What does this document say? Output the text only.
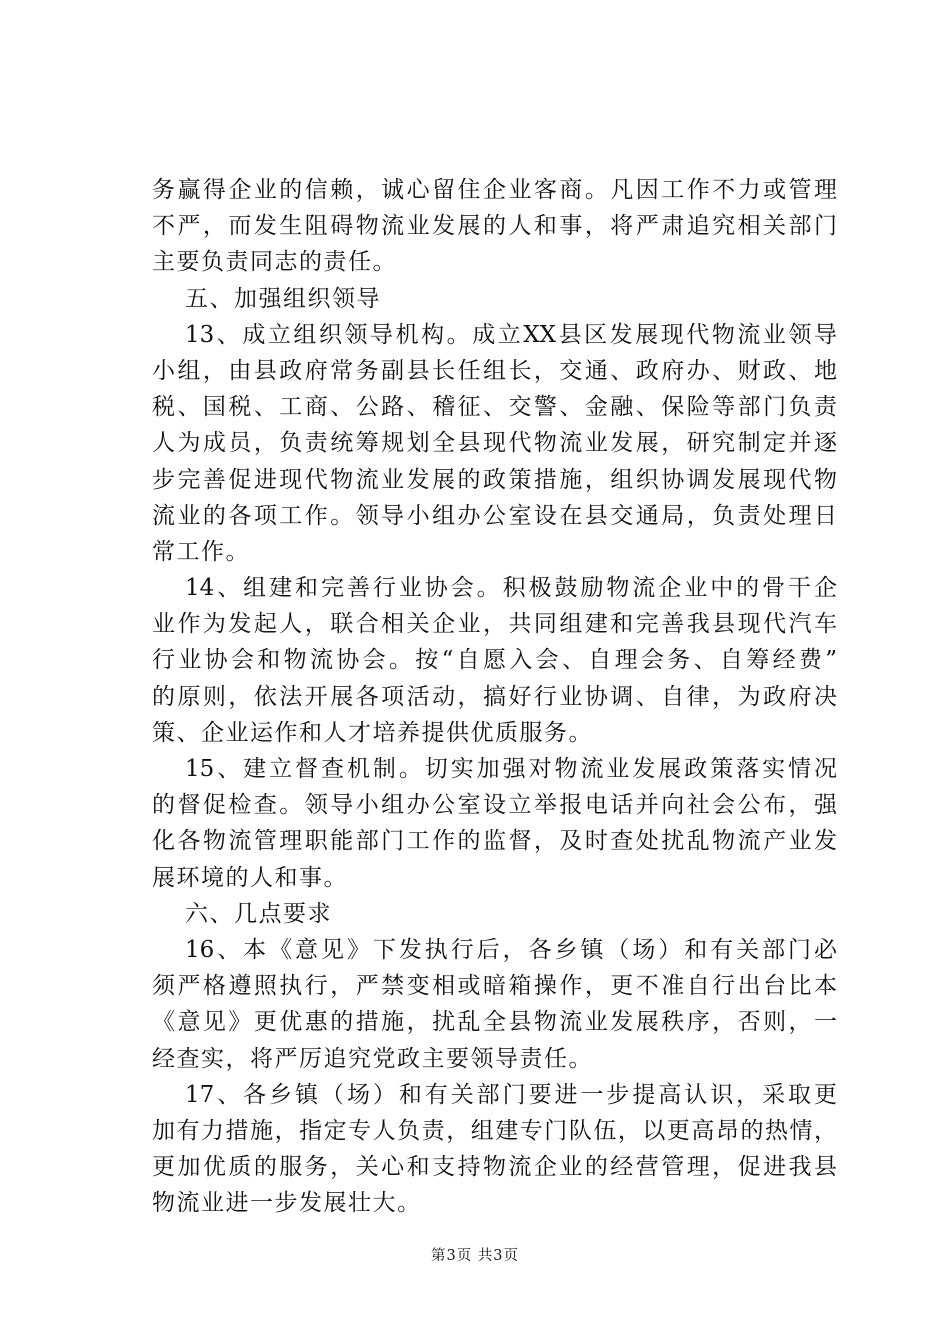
务赢得企业的信赖，诚心留住企业客商。凡因工作不力或管理
不严，而发生阻碍物流业发展的人和事，将严肃追究相关部门
主要负责同志的责任。
五、加强组织领导
13、成立组织领导机构。成立XX县区发展现代物流业领导
小组，由县政府常务副县长任组长，交通、政府办、财政、地
税、国税、工商、公路、稽征、交警、金融、保险等部门负责
人为成员，负责统筹规划全县现代物流业发展，研究制定并逐
步完善促进现代物流业发展的政策措施，组织协调发展现代物
流业的各项工作。领导小组办公室设在县交通局，负责处理日
常工作。
14、组建和完善行业协会。积极鼓励物流企业中的骨干企
业作为发起人，联合相关企业，共同组建和完善我县现代汽车
行业协会和物流协会。按“自愿入会、自理会务、自筹经费”
的原则，依法开展各项活动，搞好行业协调、自律，为政府决
策、企业运作和人才培养提供优质服务。
15、建立督查机制。切实加强对物流业发展政策落实情况
的督促检查。领导小组办公室设立举报电话并向社会公布，强
化各物流管理职能部门工作的监督，及时查处扰乱物流产业发
展环境的人和事。
六、几点要求
16、本《意见》下发执行后，各乡镇（场）和有关部门必
须严格遵照执行，严禁变相或暗箱操作，更不准自行出台比本
《意见》更优惠的措施，扰乱全县物流业发展秩序，否则，一
经查实，将严厉追究党政主要领导责任。
17、各乡镇（场）和有关部门要进一步提高认识，采取更
加有力措施，指定专人负责，组建专门队伍，以更高昂的热情，
更加优质的服务，关心和支持物流企业的经营管理，促进我县
物流业进一步发展壮大。
第3页 共3页
